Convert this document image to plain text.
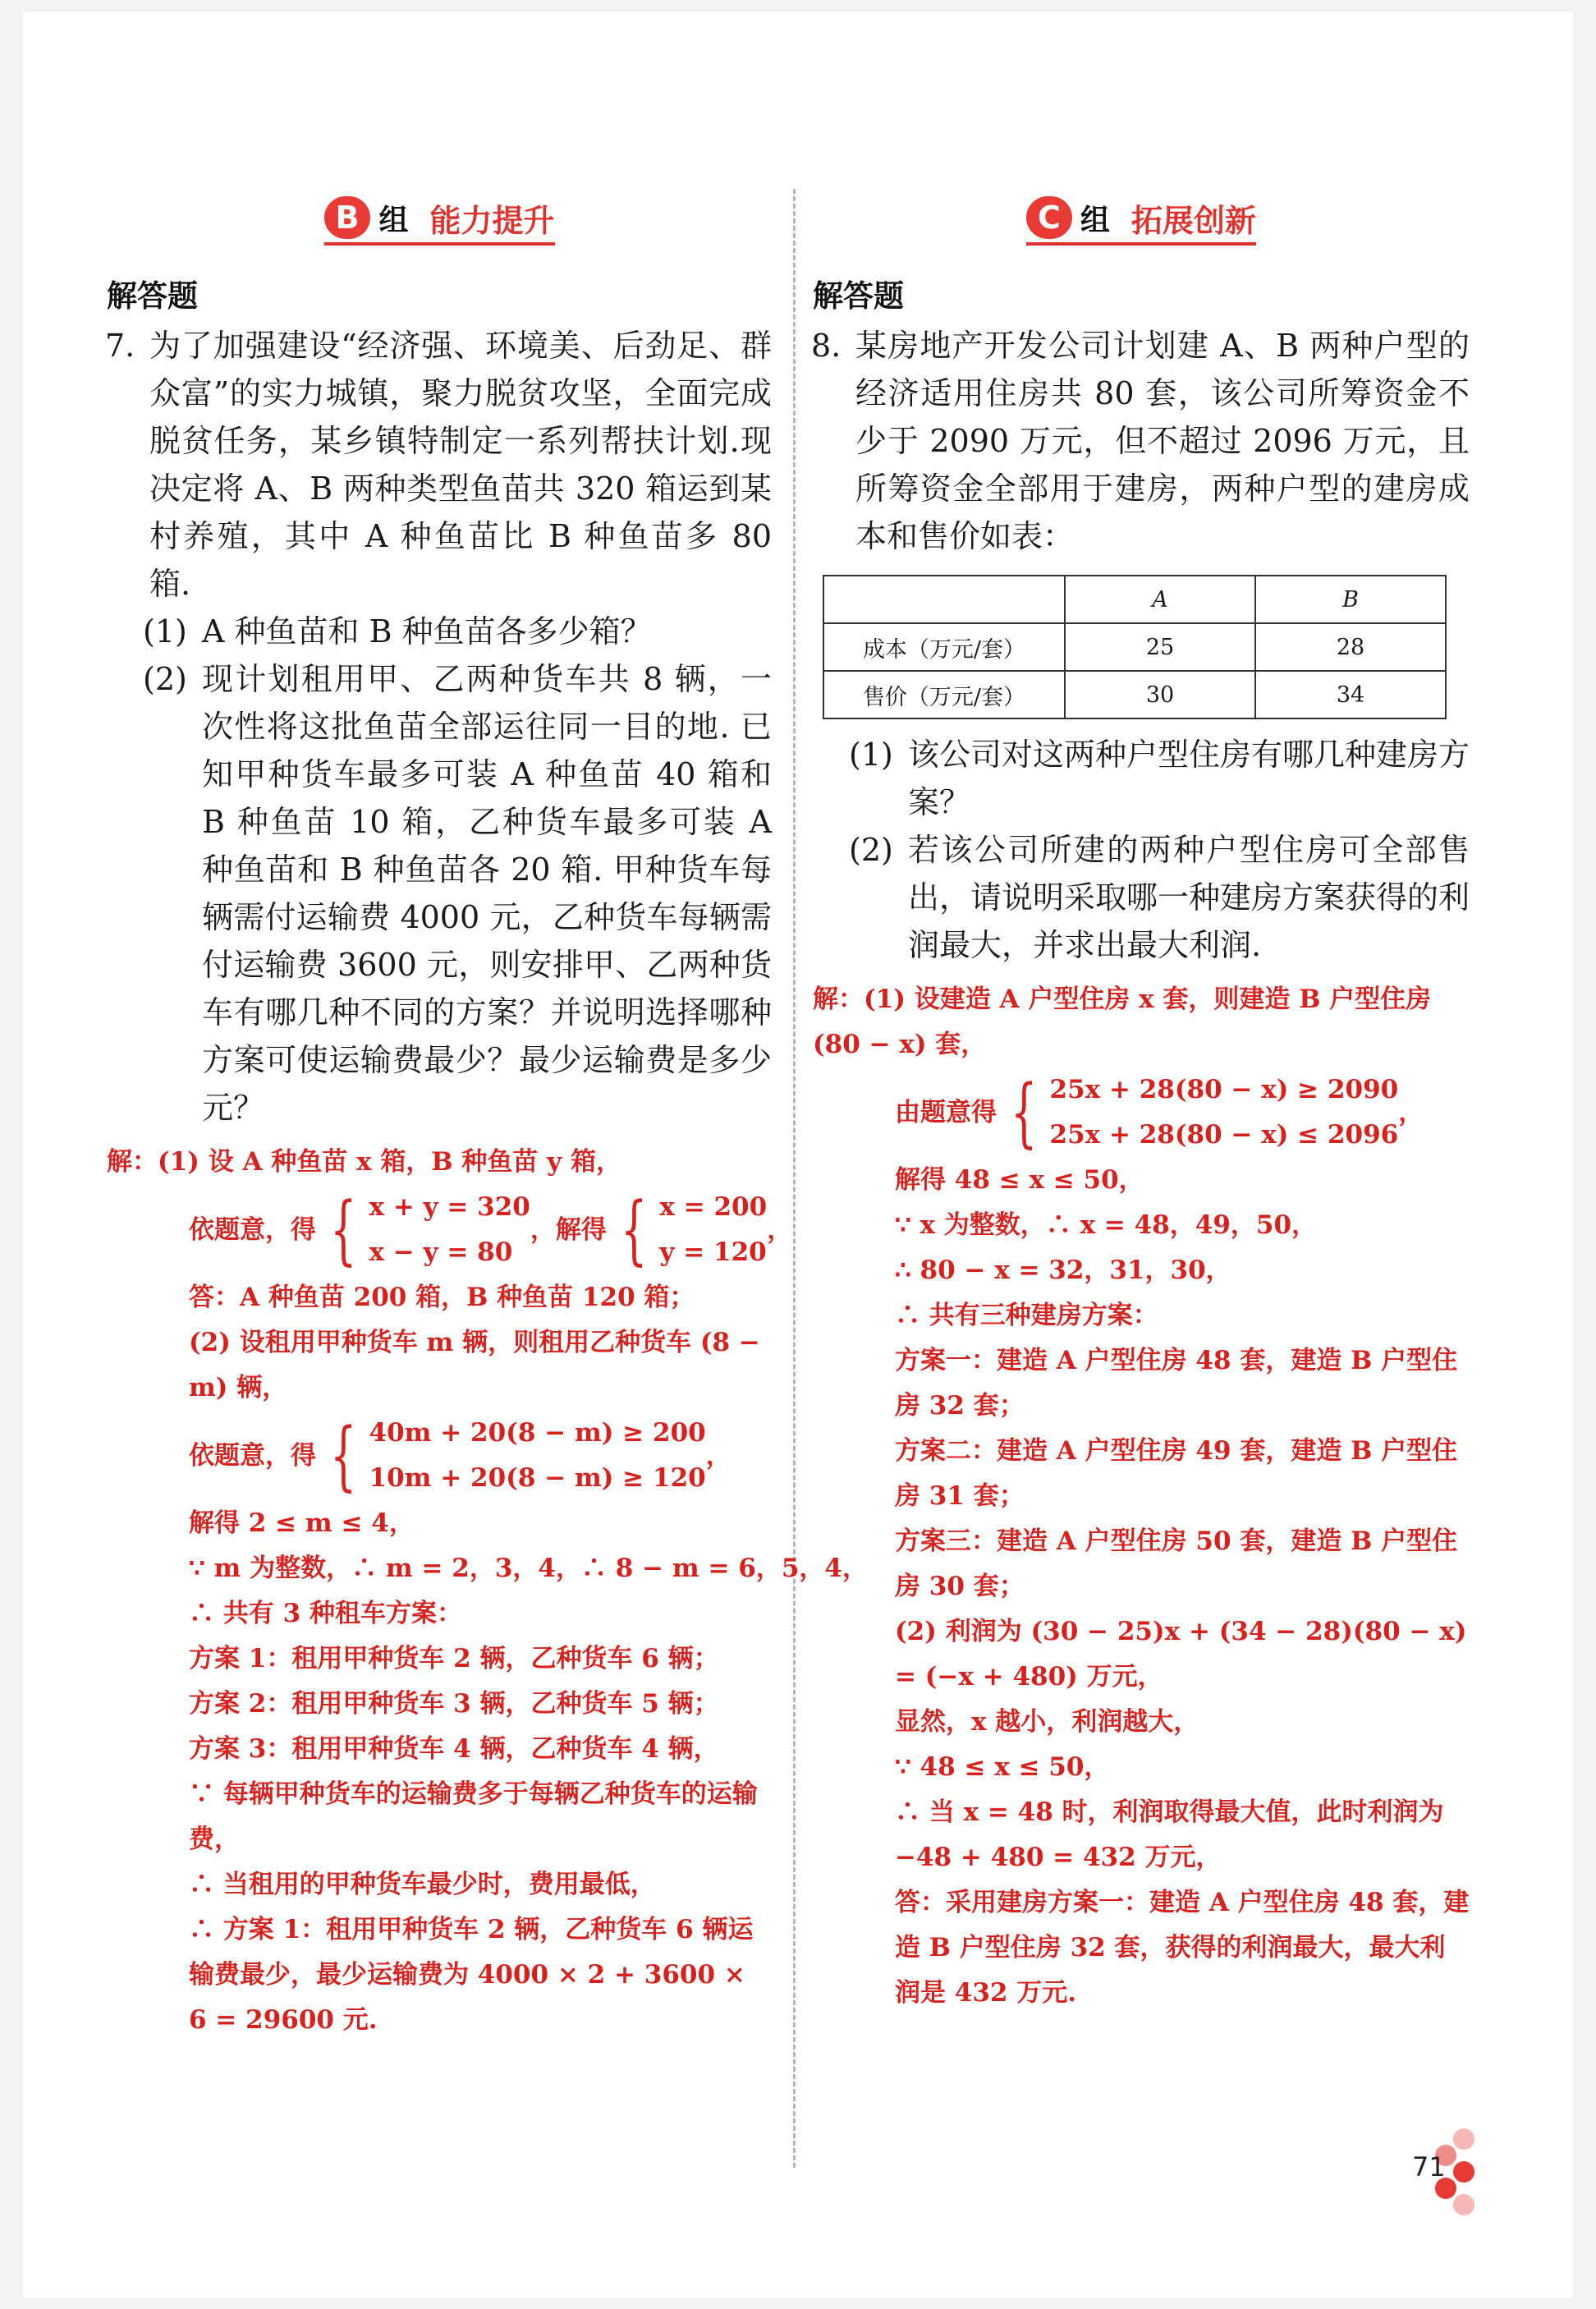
B 组 能力提升
解答题
7. 为了加强建设“经济强、环境美、后劲足、群众富”的实力城镇，聚力脱贫攻坚，全面完成脱贫任务，某乡镇特制定一系列帮扶计划.现决定将 A、B 两种类型鱼苗共 320 箱运到某村养殖，其中 A 种鱼苗比 B 种鱼苗多 80 箱.
(1) A 种鱼苗和 B 种鱼苗各多少箱？
(2) 现计划租用甲、乙两种货车共 8 辆，一次性将这批鱼苗全部运往同一目的地. 已知甲种货车最多可装 A 种鱼苗 40 箱和 B 种鱼苗 10 箱，乙种货车最多可装 A 种鱼苗和 B 种鱼苗各 20 箱. 甲种货车每辆需付运输费 4000 元，乙种货车每辆需付运输费 3600 元，则安排甲、乙两种货车有哪几种不同的方案？并说明选择哪种方案可使运输费最少？最少运输费是多少元？
解：(1) 设 A 种鱼苗 x 箱，B 种鱼苗 y 箱，
依题意，得 { x + y = 320
x − y = 80
，解得 { x = 200
y = 120
，
答：A 种鱼苗 200 箱，B 种鱼苗 120 箱；
(2) 设租用甲种货车 m 辆，则租用乙种货车 (8 − m) 辆，
依题意，得 { 40m + 20(8 − m) ≥ 200
10m + 20(8 − m) ≥ 120
，
解得 2 ≤ m ≤ 4，
∵ m 为整数，∴ m = 2，3，4，∴ 8 − m = 6，5，4，
∴ 共有 3 种租车方案：
方案 1：租用甲种货车 2 辆，乙种货车 6 辆；
方案 2：租用甲种货车 3 辆，乙种货车 5 辆；
方案 3：租用甲种货车 4 辆，乙种货车 4 辆，
∵ 每辆甲种货车的运输费多于每辆乙种货车的运输费，
∴ 当租用的甲种货车最少时，费用最低，
∴ 方案 1：租用甲种货车 2 辆，乙种货车 6 辆运输费最少，最少运输费为 4000 × 2 + 3600 × 6 = 29600 元.
C 组 拓展创新
解答题
8. 某房地产开发公司计划建 A、B 两种户型的经济适用住房共 80 套，该公司所筹资金不少于 2090 万元，但不超过 2096 万元，且所筹资金全部用于建房，两种户型的建房成本和售价如表：
	A	B
成本（万元/套）	25	28
售价（万元/套）	30	34
(1) 该公司对这两种户型住房有哪几种建房方案？
(2) 若该公司所建的两种户型住房可全部售出，请说明采取哪一种建房方案获得的利润最大，并求出最大利润.
解：(1) 设建造 A 户型住房 x 套，则建造 B 户型住房 (80 − x) 套，
由题意得 { 25x + 28(80 − x) ≥ 2090
25x + 28(80 − x) ≤ 2096
，
解得 48 ≤ x ≤ 50，
∵ x 为整数，∴ x = 48，49，50，
∴ 80 − x = 32，31，30，
∴ 共有三种建房方案：
方案一：建造 A 户型住房 48 套，建造 B 户型住房 32 套；
方案二：建造 A 户型住房 49 套，建造 B 户型住房 31 套；
方案三：建造 A 户型住房 50 套，建造 B 户型住房 30 套；
(2) 利润为 (30 − 25)x + (34 − 28)(80 − x) = (−x + 480) 万元，
显然，x 越小，利润越大，
∵ 48 ≤ x ≤ 50，
∴ 当 x = 48 时，利润取得最大值，此时利润为 −48 + 480 = 432 万元，
答：采用建房方案一：建造 A 户型住房 48 套，建造 B 户型住房 32 套，获得的利润最大，最大利润是 432 万元.
71
